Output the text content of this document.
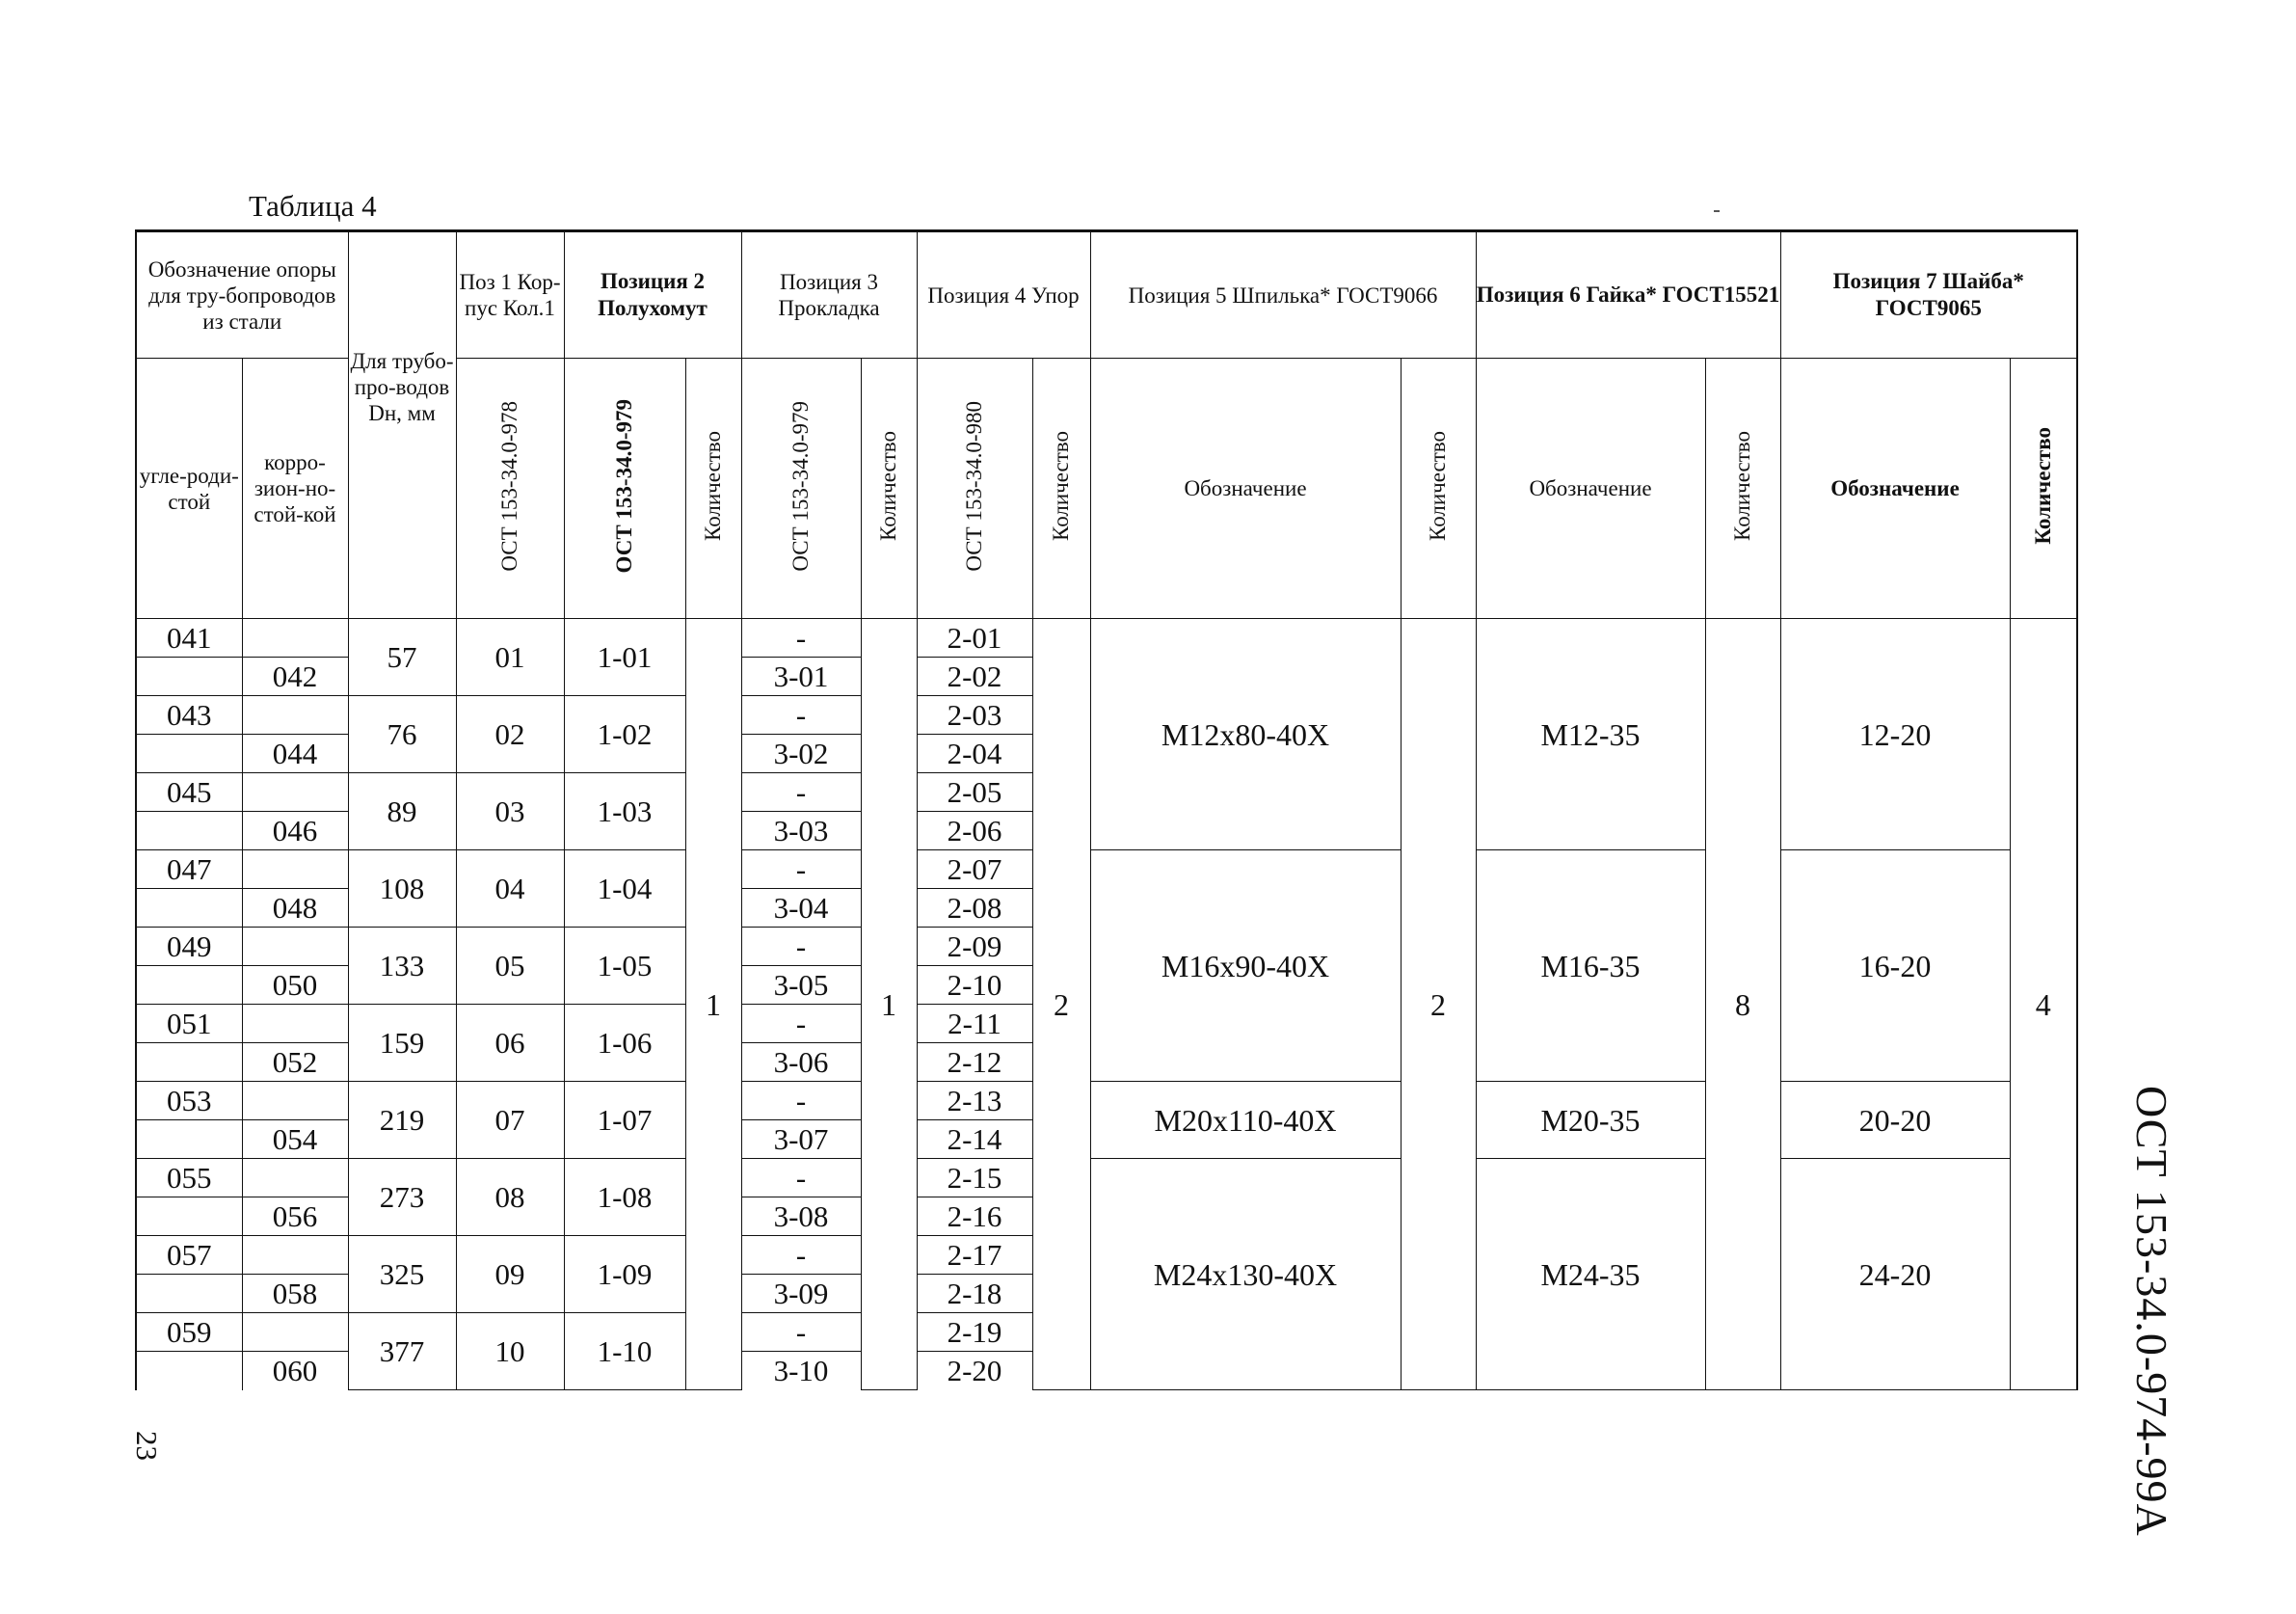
Таблица 4
Обозначение опоры для тру-бопроводов из стали		Для трубо-про-водов Dн, мм	Поз 1 Кор-пус Кол.1	Позиция 2 Полухомут		Позиция 3 Прокладка		Позиция 4 Упор		Позиция 5 Шпилька* ГОСТ9066		Позиция 6 Гайка* ГОСТ15521		Позиция 7 Шайба* ГОСТ9065	
угле-роди-стой	корро-зион-но-стой-кой		ОСТ 153-34.0-978	ОСТ 153-34.0-979	Количество	ОСТ 153-34.0-979	Количество	ОСТ 153-34.0-980	Количество	Обозначение	Количество	Обозначение	Количество	Обозначение	Количество
041		57	01	1-01	1	-	1	2-01	2	М12х80-40Х	2	М12-35	8	12-20	4
	042					3-01		2-02							
043		76	02	1-02		-		2-03							
	044					3-02		2-04							
045		89	03	1-03		-		2-05							
	046					3-03		2-06							
047		108	04	1-04		-		2-07		М16х90-40Х		М16-35		16-20	
	048					3-04		2-08							
049		133	05	1-05		-		2-09							
	050					3-05		2-10							
051		159	06	1-06		-		2-11							
	052					3-06		2-12							
053		219	07	1-07		-		2-13		М20х110-40Х		М20-35		20-20	
	054					3-07		2-14							
055		273	08	1-08		-		2-15		М24х130-40Х		М24-35		24-20	
	056					3-08		2-16							
057		325	09	1-09		-		2-17							
	058					3-09		2-18							
059		377	10	1-10		-		2-19							
	060					3-10		2-20								ОСТ 153-34.0-974-99А
23
